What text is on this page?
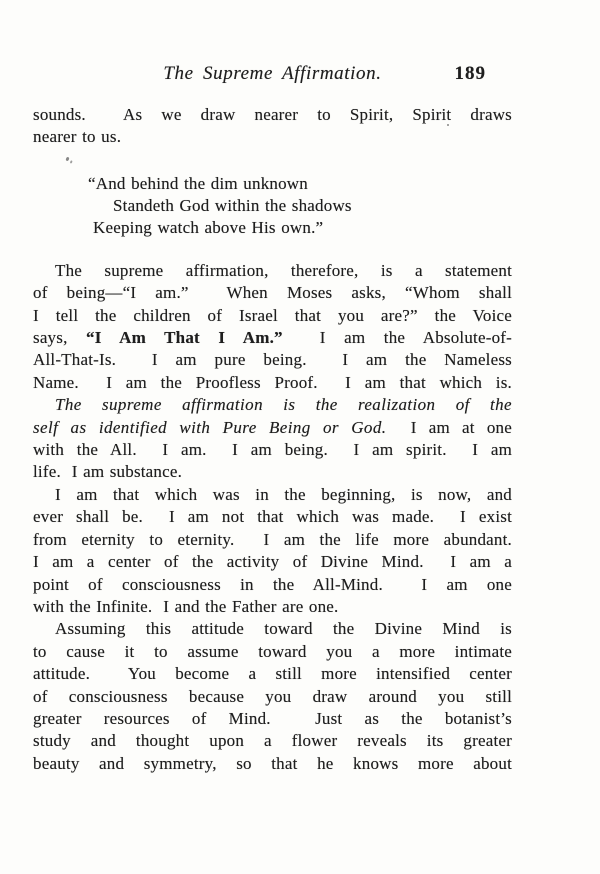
The Supreme Affirmation.	189
sounds.  As we draw nearer to Spirit, Spirit draws
nearer to us.
“And behind the dim unknown
Standeth God within the shadows
Keeping watch above His own.”
The supreme affirmation, therefore, is a statement
of being—“I am.”  When Moses asks, “Whom shall
I tell the children of Israel that you are?” the Voice
says, “I Am That I Am.”  I am the Absolute-of-
All-That-Is.  I am pure being.  I am the Nameless
Name.  I am the Proofless Proof.  I am that which is.
The supreme affirmation is the realization of the
self as identified with Pure Being or God.  I am at one
with the All.  I am.  I am being.  I am spirit.  I am
life.  I am substance.
I am that which was in the beginning, is now, and
ever shall be.  I am not that which was made.  I exist
from eternity to eternity.  I am the life more abundant.
I am a center of the activity of Divine Mind.  I am a
point of consciousness in the All-Mind.  I am one
with the Infinite.  I and the Father are one.
Assuming this attitude toward the Divine Mind is
to cause it to assume toward you a more intimate
attitude.  You become a still more intensified center
of consciousness because you draw around you still
greater resources of Mind.  Just as the botanist’s
study and thought upon a flower reveals its greater
beauty and symmetry, so that he knows more about
